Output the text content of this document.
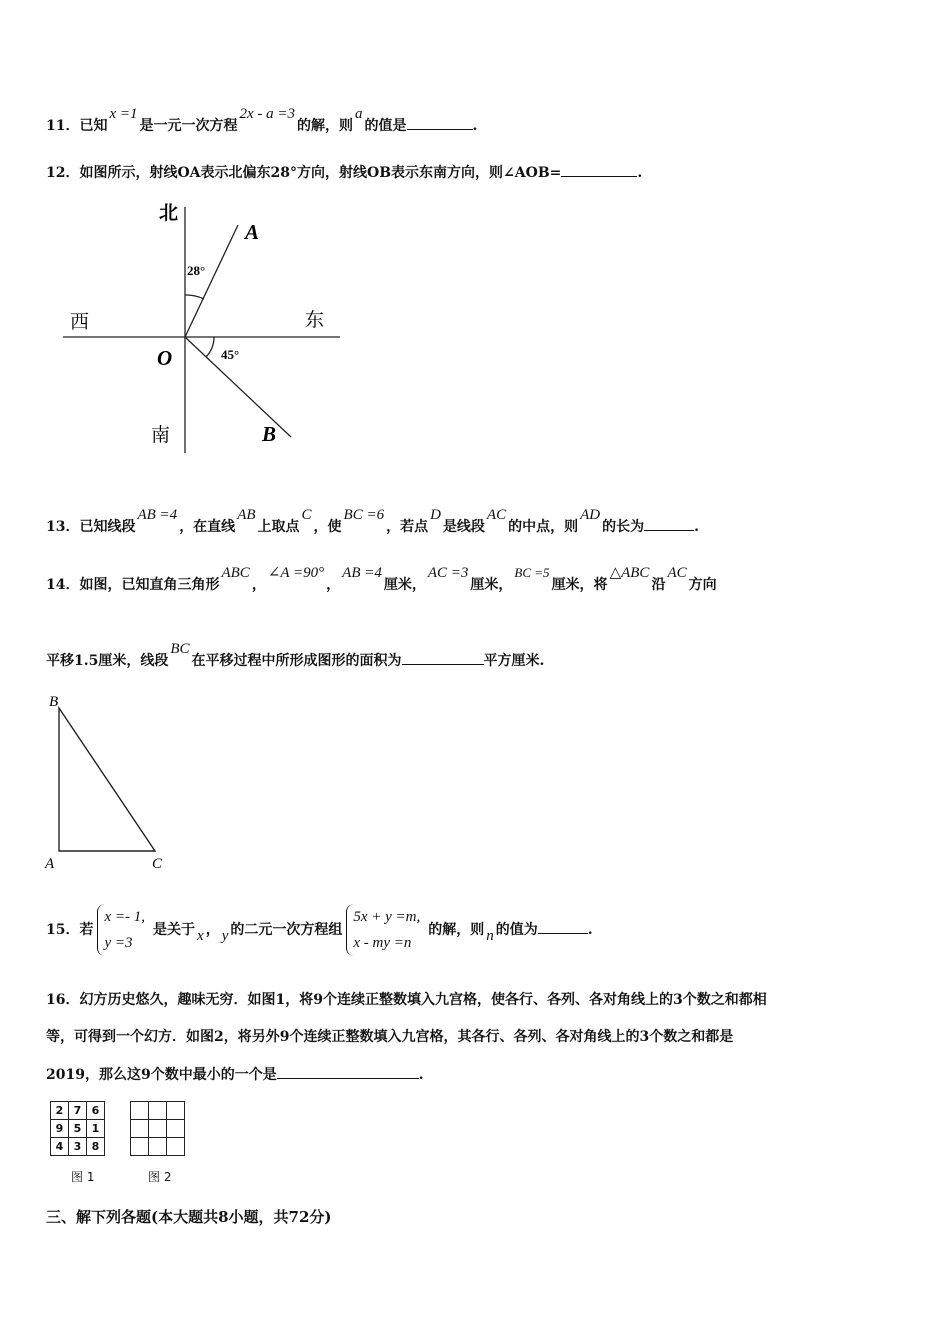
11．已知x =1是一元一次方程2x - a =3的解，则a的值是	.
12．如图所示，射线OA表示北偏东28°方向，射线OB表示东南方向，则∠AOB=	.
北
南
西	东
O
A
B
28°
45°
13．已知线段AB =4，在直线AB上取点C，使BC =6，若点D是线段AC的中点，则AD的长为	.
14．如图，已知直角三角形ABC，∠A =90°，AB =4厘米，AC =3厘米，BC =5厘米，将△ABC沿AC方向
平移1.5厘米，线段BC在平移过程中所形成图形的面积为	平方厘米.
B
A	C
15．若
x =- 1,
y =3
是关于 x ， y 的二元一次方程组
5x + y =m,
x - my =n
的解，则 n 的值为	.
16．幻方历史悠久，趣味无穷．如图1，将9个连续正整数填入九宫格，使各行、各列、各对角线上的3个数之和都相
等，可得到一个幻方．如图2，将另外9个连续正整数填入九宫格，其各行、各列、各对角线上的3个数之和都是
2019，那么这9个数中最小的一个是	.
2	7	6
9	5	1
4	3	8

图 1	图 2
三、解下列各题(本大题共8小题，共72分)
